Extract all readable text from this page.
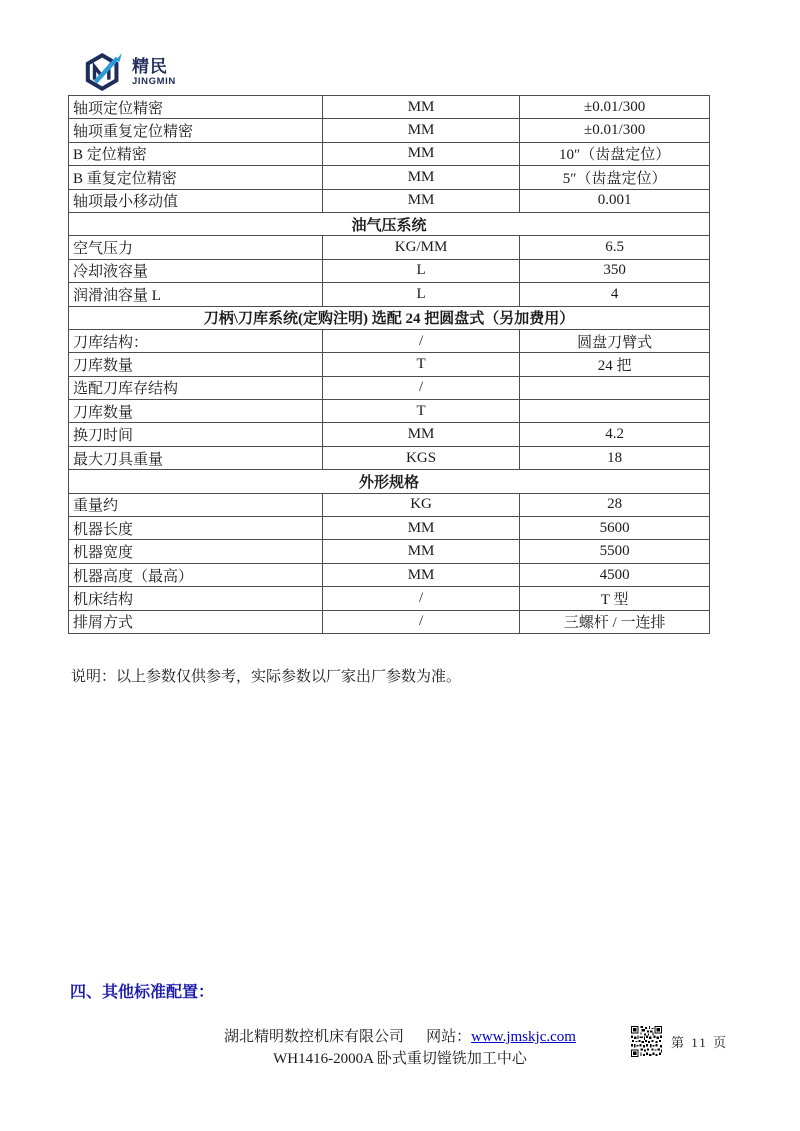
精民
JINGMIN
轴项定位精密	MM	±0.01/300
轴项重复定位精密	MM	±0.01/300
B 定位精密	MM	10″（齿盘定位）
B 重复定位精密	MM	5″（齿盘定位）
轴项最小移动值	MM	0.001
油气压系统		
空气压力	KG/MM	6.5
冷却液容量	L	350
润滑油容量 L	L	4
刀柄\刀库系统(定购注明) 选配 24 把圆盘式（另加费用）		
刀库结构：	/	圆盘刀臂式
刀库数量	T	24 把
选配刀库存结构	/	
刀库数量	T	
换刀时间	MM	4.2
最大刀具重量	KGS	18
外形规格		
重量约	KG	28
机器长度	MM	5600
机器宽度	MM	5500
机器高度（最高）	MM	4500
机床结构	/	T 型
排屑方式	/	三螺杆 / 一连排
说明：以上参数仅供参考，实际参数以厂家出厂参数为准。
四、其他标准配置：
湖北精明数控机床有限公司 网站：www.jmskjc.com
WH1416-2000A 卧式重切镗铣加工中心
第 11 页
